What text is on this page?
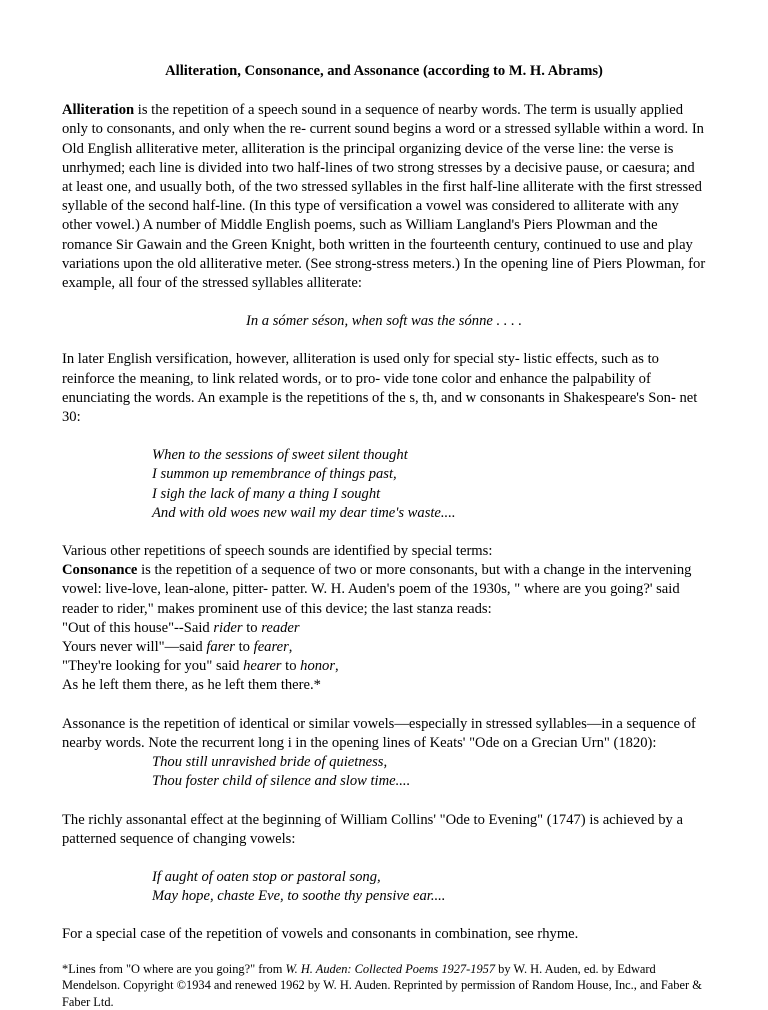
Alliteration, Consonance, and Assonance (according to M. H. Abrams)

Alliteration is the repetition of a speech sound in a sequence of nearby words. The term is usually applied only to consonants, and only when the re- current sound begins a word or a stressed syllable within a word. In Old English alliterative meter, alliteration is the principal organizing device of the verse line: the verse is unrhymed; each line is divided into two half-lines of two strong stresses by a decisive pause, or caesura; and at least one, and usually both, of the two stressed syllables in the first half-line alliterate with the first stressed syllable of the second half-line. (In this type of versification a vowel was considered to alliterate with any other vowel.) A number of Middle English poems, such as William Langland's Piers Plowman and the romance Sir Gawain and the Green Knight, both written in the fourteenth century, continued to use and play variations upon the old alliterative meter. (See strong-stress meters.) In the opening line of Piers Plowman, for example, all four of the stressed syllables alliterate:

In a sómer séson, when soft was the sónne . . . .

In later English versification, however, alliteration is used only for special sty- listic effects, such as to reinforce the meaning, to link related words, or to pro- vide tone color and enhance the palpability of enunciating the words. An example is the repetitions of the s, th, and w consonants in Shakespeare's Son- net 30:

When to the sessions of sweet silent thought
I summon up remembrance of things past,
I sigh the lack of many a thing I sought
And with old woes new wail my dear time's waste....

Various other repetitions of speech sounds are identified by special terms:

Consonance is the repetition of a sequence of two or more consonants, but with a change in the intervening vowel: live-love, lean-alone, pitter- patter. W. H. Auden's poem of the 1930s, " where are you going?' said reader to rider," makes prominent use of this device; the last stanza reads:

"Out of this house"--Said rider to reader
Yours never will"—said farer to fearer,
"They're looking for you" said hearer to honor,
As he left them there, as he left them there.*

Assonance is the repetition of identical or similar vowels—especially in stressed syllables—in a sequence of nearby words. Note the recurrent long i in the opening lines of Keats' "Ode on a Grecian Urn" (1820):

Thou still unravished bride of quietness,
Thou foster child of silence and slow time....

The richly assonantal effect at the beginning of William Collins' "Ode to Evening" (1747) is achieved by a patterned sequence of changing vowels:

If aught of oaten stop or pastoral song,
May hope, chaste Eve, to soothe thy pensive ear....

For a special case of the repetition of vowels and consonants in combination, see rhyme.

*Lines from "O where are you going?" from W. H. Auden: Collected Poems 1927-1957 by W. H. Auden, ed. by Edward Mendelson. Copyright ©1934 and renewed 1962 by W. H. Auden. Reprinted by permission of Random House, Inc., and Faber & Faber Ltd.
